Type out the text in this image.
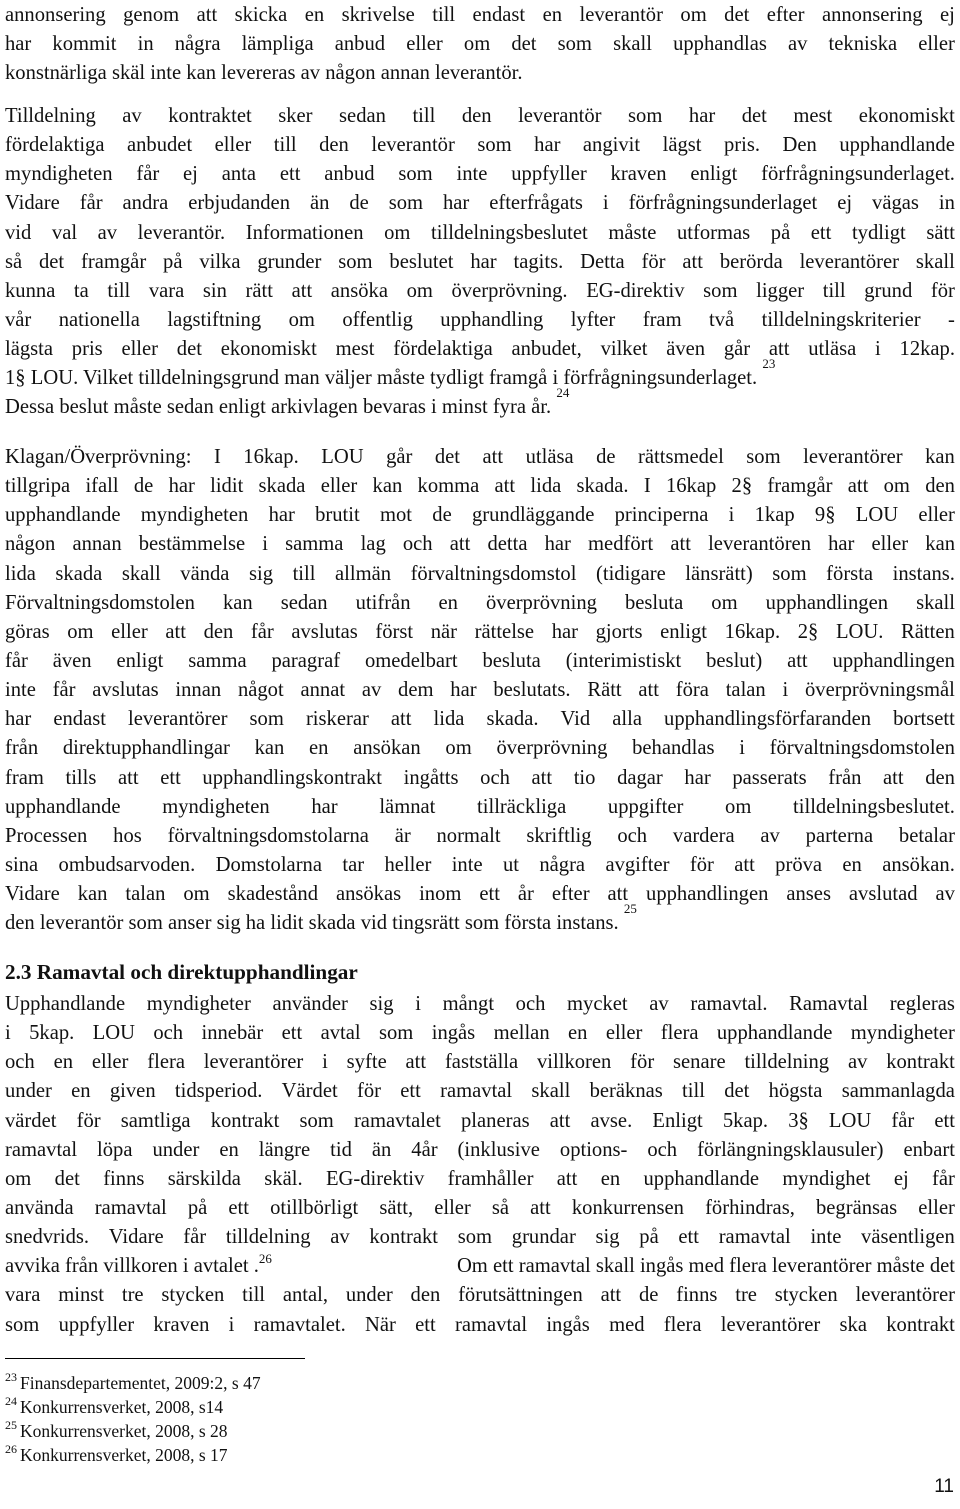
annonsering genom att skicka en skrivelse till endast en leverantör om det efter annonsering ej
har kommit in några lämpliga anbud eller om det som skall upphandlas av tekniska eller
konstnärliga skäl inte kan levereras av någon annan leverantör.
Tilldelning av kontraktet sker sedan till den leverantör som har det mest ekonomiskt
fördelaktiga anbudet eller till den leverantör som har angivit lägst pris. Den upphandlande
myndigheten får ej anta ett anbud som inte uppfyller kraven enligt förfrågningsunderlaget.
Vidare får andra erbjudanden än de som har efterfrågats i förfrågningsunderlaget ej vägas in
vid val av leverantör. Informationen om tilldelningsbeslutet måste utformas på ett tydligt sätt
så det framgår på vilka grunder som beslutet har tagits. Detta för att berörda leverantörer skall
kunna ta till vara sin rätt att ansöka om överprövning. EG-direktiv som ligger till grund för
vår nationella lagstiftning om offentlig upphandling lyfter fram två tilldelningskriterier -
lägsta pris eller det ekonomiskt mest fördelaktiga anbudet, vilket även går att utläsa i 12kap.
1§ LOU. Vilket tilldelningsgrund man väljer måste tydligt framgå i förfrågningsunderlaget.
23
Dessa beslut måste sedan enligt arkivlagen bevaras i minst fyra år.
24
Klagan/Överprövning: I 16kap. LOU går det att utläsa de rättsmedel som leverantörer kan
tillgripa ifall de har lidit skada eller kan komma att lida skada. I 16kap 2§ framgår att om den
upphandlande myndigheten har brutit mot de grundläggande principerna i 1kap 9§ LOU eller
någon annan bestämmelse i samma lag och att detta har medfört att leverantören har eller kan
lida skada skall vända sig till allmän förvaltningsdomstol (tidigare länsrätt) som första instans.
Förvaltningsdomstolen kan sedan utifrån en överprövning besluta om upphandlingen skall
göras om eller att den får avslutas först när rättelse har gjorts enligt 16kap. 2§ LOU. Rätten
får även enligt samma paragraf omedelbart besluta (interimistiskt beslut) att upphandlingen
inte får avslutas innan något annat av dem har beslutats. Rätt att föra talan i överprövningsmål
har endast leverantörer som riskerar att lida skada. Vid alla upphandlingsförfaranden bortsett
från direktupphandlingar kan en ansökan om överprövning behandlas i förvaltningsdomstolen
fram tills att ett upphandlingskontrakt ingåtts och att tio dagar har passerats från att den
upphandlande myndigheten har lämnat tillräckliga uppgifter om tilldelningsbeslutet.
Processen hos förvaltningsdomstolarna är normalt skriftlig och vardera av parterna betalar
sina ombudsarvoden. Domstolarna tar heller inte ut några avgifter för att pröva en ansökan.
Vidare kan talan om skadestånd ansökas inom ett år efter att upphandlingen anses avslutad av
den leverantör som anser sig ha lidit skada vid tingsrätt som första instans.
25
2.3 Ramavtal och direktupphandlingar
Upphandlande myndigheter använder sig i mångt och mycket av ramavtal. Ramavtal regleras
i 5kap. LOU och innebär ett avtal som ingås mellan en eller flera upphandlande myndigheter
och en eller flera leverantörer i syfte att fastställa villkoren för senare tilldelning av kontrakt
under en given tidsperiod. Värdet för ett ramavtal skall beräknas till det högsta sammanlagda
värdet för samtliga kontrakt som ramavtalet planeras att avse. Enligt 5kap. 3§ LOU får ett
ramavtal löpa under en längre tid än 4år (inklusive options- och förlängningsklausuler) enbart
om det finns särskilda skäl. EG-direktiv framhåller att en upphandlande myndighet ej får
använda ramavtal på ett otillbörligt sätt, eller så att konkurrensen förhindras, begränsas eller
snedvrids. Vidare får tilldelning av kontrakt som grundar sig på ett ramavtal inte väsentligen
avvika från villkoren i avtalet .$^{26}$	Om ett ramavtal skall ingås med flera leverantörer måste det
vara minst tre stycken till antal, under den förutsättningen att de finns tre stycken leverantörer
som uppfyller kraven i ramavtalet. När ett ramavtal ingås med flera leverantörer ska kontrakt
$^{23}$ Finansdepartementet, 2009:2, s 47
$^{24}$ Konkurrensverket, 2008, s14
$^{25}$ Konkurrensverket, 2008, s 28
$^{26}$ Konkurrensverket, 2008, s 17
11
